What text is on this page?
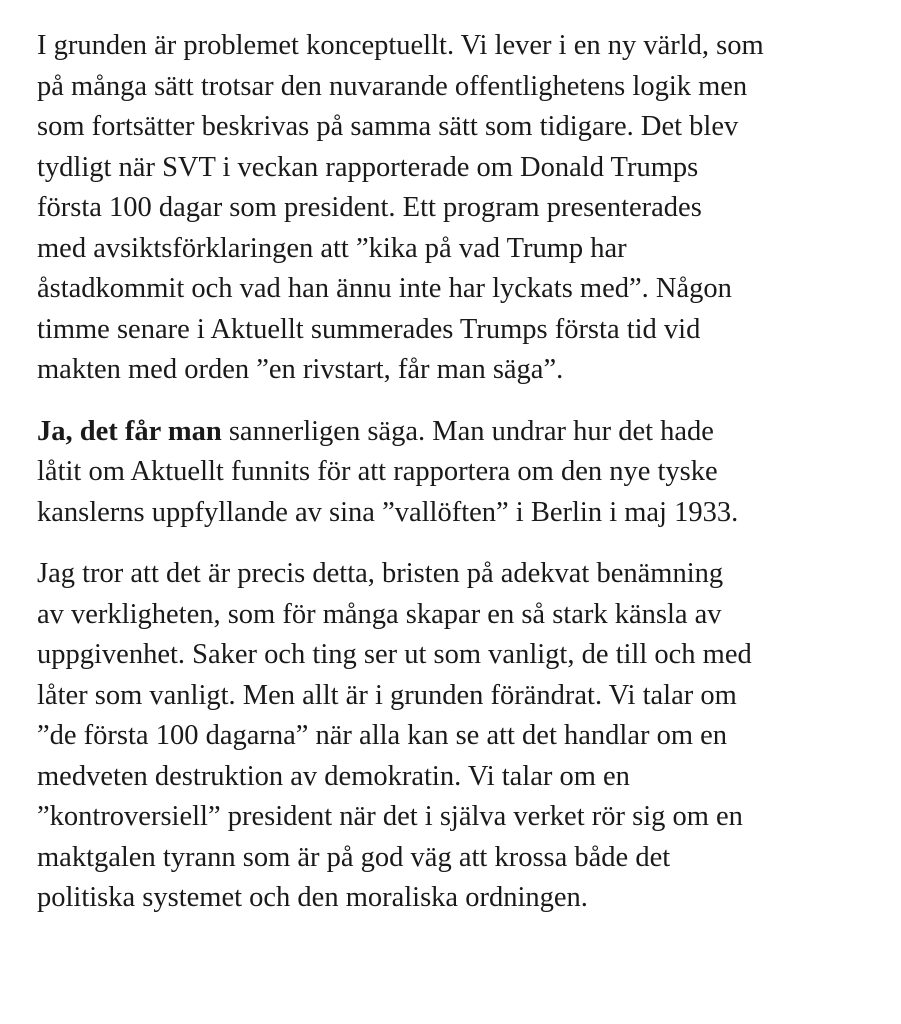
I grunden är problemet konceptuellt. Vi lever i en ny värld, som
på många sätt trotsar den nuvarande offentlighetens logik men
som fortsätter beskrivas på samma sätt som tidigare. Det blev
tydligt när SVT i veckan rapporterade om Donald Trumps
första 100 dagar som president. Ett program presenterades
med avsiktsförklaringen att ”kika på vad Trump har
åstadkommit och vad han ännu inte har lyckats med”. Någon
timme senare i Aktuellt summerades Trumps första tid vid
makten med orden ”en rivstart, får man säga”.

Ja, det får man sannerligen säga. Man undrar hur det hade
låtit om Aktuellt funnits för att rapportera om den nye tyske
kanslerns uppfyllande av sina ”vallöften” i Berlin i maj 1933.

Jag tror att det är precis detta, bristen på adekvat benämning
av verkligheten, som för många skapar en så stark känsla av
uppgivenhet. Saker och ting ser ut som vanligt, de till och med
låter som vanligt. Men allt är i grunden förändrat. Vi talar om
”de första 100 dagarna” när alla kan se att det handlar om en
medveten destruktion av demokratin. Vi talar om en
”kontroversiell” president när det i själva verket rör sig om en
maktgalen tyrann som är på god väg att krossa både det
politiska systemet och den moraliska ordningen.
